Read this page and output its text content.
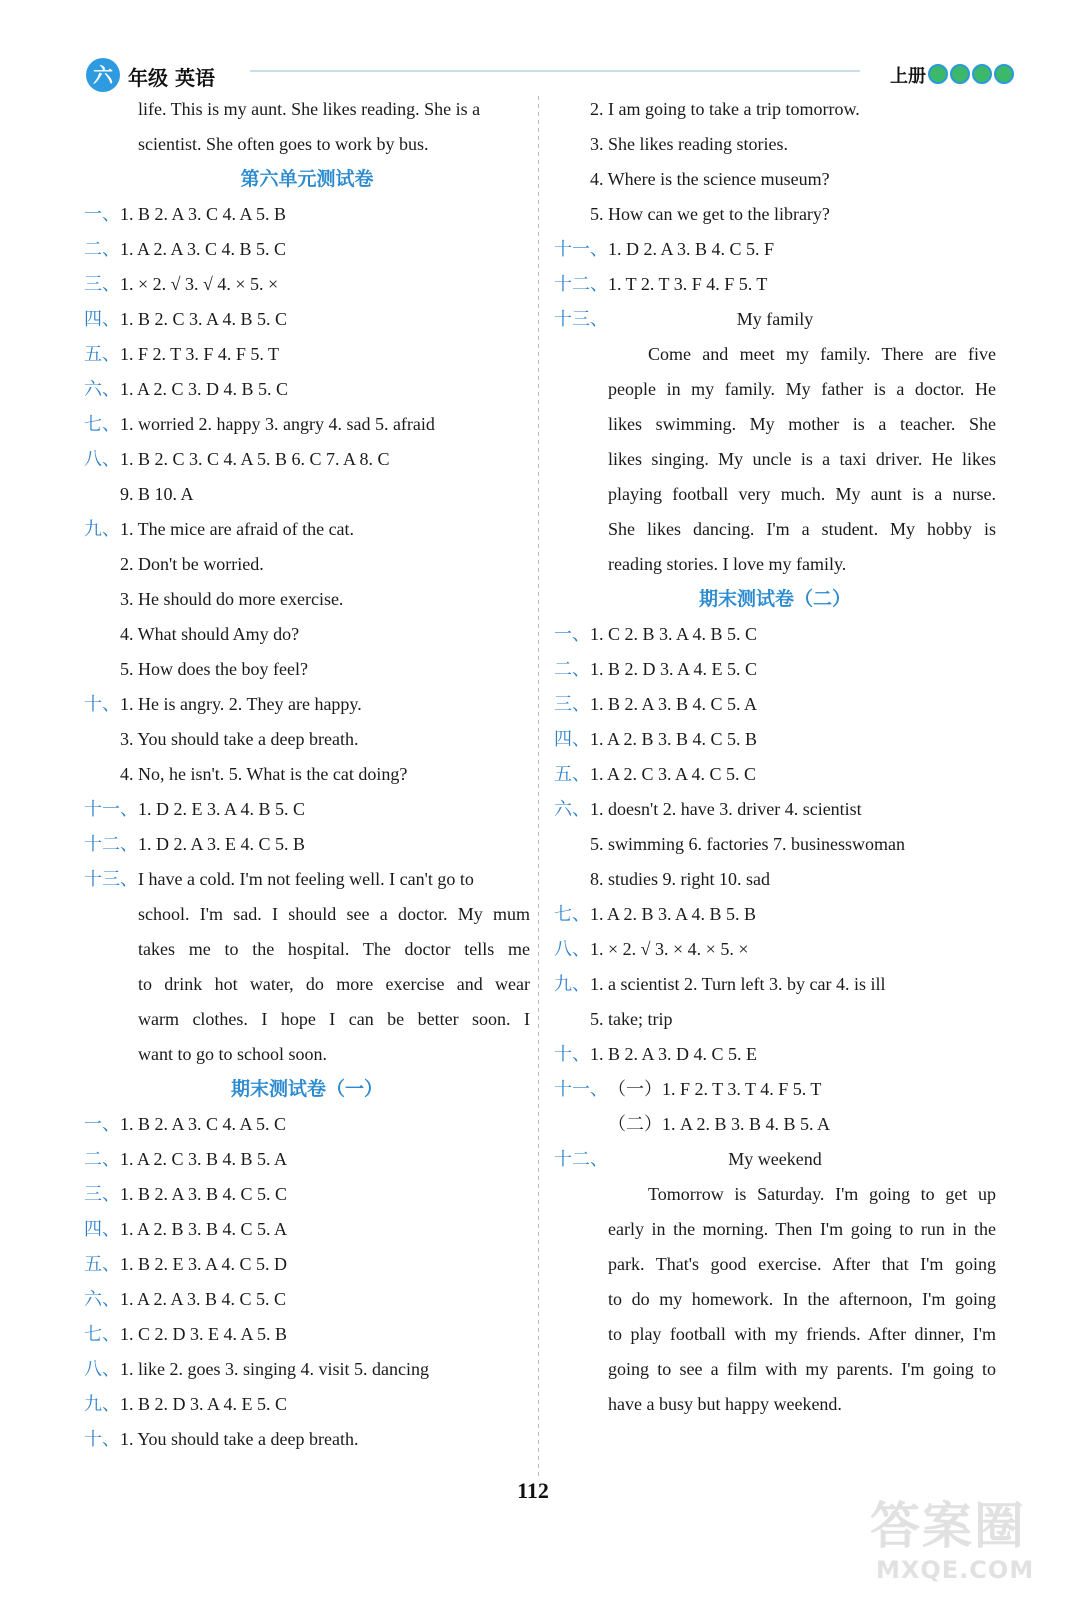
六 年级 英语	上册
life. This is my aunt. She likes reading. She is a
scientist. She often goes to work by bus.
第六单元测试卷
一、1. B 2. A 3. C 4. A 5. B
二、1. A 2. A 3. C 4. B 5. C
三、1. × 2. √ 3. √ 4. × 5. ×
四、1. B 2. C 3. A 4. B 5. C
五、1. F 2. T 3. F 4. F 5. T
六、1. A 2. C 3. D 4. B 5. C
七、1. worried 2. happy 3. angry 4. sad 5. afraid
八、1. B 2. C 3. C 4. A 5. B 6. C 7. A 8. C
9. B 10. A
九、1. The mice are afraid of the cat.
2. Don't be worried.
3. He should do more exercise.
4. What should Amy do?
5. How does the boy feel?
十、1. He is angry. 2. They are happy.
3. You should take a deep breath.
4. No, he isn't. 5. What is the cat doing?
十一、1. D 2. E 3. A 4. B 5. C
十二、1. D 2. A 3. E 4. C 5. B
十三、I have a cold. I'm not feeling well. I can't go to
school. I'm sad. I should see a doctor. My mum
takes me to the hospital. The doctor tells me
to drink hot water, do more exercise and wear
warm clothes. I hope I can be better soon. I
want to go to school soon.
期末测试卷（一）
一、1. B 2. A 3. C 4. A 5. C
二、1. A 2. C 3. B 4. B 5. A
三、1. B 2. A 3. B 4. C 5. C
四、1. A 2. B 3. B 4. C 5. A
五、1. B 2. E 3. A 4. C 5. D
六、1. A 2. A 3. B 4. C 5. C
七、1. C 2. D 3. E 4. A 5. B
八、1. like 2. goes 3. singing 4. visit 5. dancing
九、1. B 2. D 3. A 4. E 5. C
十、1. You should take a deep breath.
2. I am going to take a trip tomorrow.
3. She likes reading stories.
4. Where is the science museum?
5. How can we get to the library?
十一、1. D 2. A 3. B 4. C 5. F
十二、1. T 2. T 3. F 4. F 5. T
十三、	My family
Come and meet my family. There are five
people in my family. My father is a doctor. He
likes swimming. My mother is a teacher. She
likes singing. My uncle is a taxi driver. He likes
playing football very much. My aunt is a nurse.
She likes dancing. I'm a student. My hobby is
reading stories. I love my family.
期末测试卷（二）
一、1. C 2. B 3. A 4. B 5. C
二、1. B 2. D 3. A 4. E 5. C
三、1. B 2. A 3. B 4. C 5. A
四、1. A 2. B 3. B 4. C 5. B
五、1. A 2. C 3. A 4. C 5. C
六、1. doesn't 2. have 3. driver 4. scientist
5. swimming 6. factories 7. businesswoman
8. studies 9. right 10. sad
七、1. A 2. B 3. A 4. B 5. B
八、1. × 2. √ 3. × 4. × 5. ×
九、1. a scientist 2. Turn left 3. by car 4. is ill
5. take; trip
十、1. B 2. A 3. D 4. C 5. E
十一、（一）1. F 2. T 3. T 4. F 5. T
（二）1. A 2. B 3. B 4. B 5. A
十二、	My weekend
Tomorrow is Saturday. I'm going to get up
early in the morning. Then I'm going to run in the
park. That's good exercise. After that I'm going
to do my homework. In the afternoon, I'm going
to play football with my friends. After dinner, I'm
going to see a film with my parents. I'm going to
have a busy but happy weekend.
112
答案圈
MXQE.COM
